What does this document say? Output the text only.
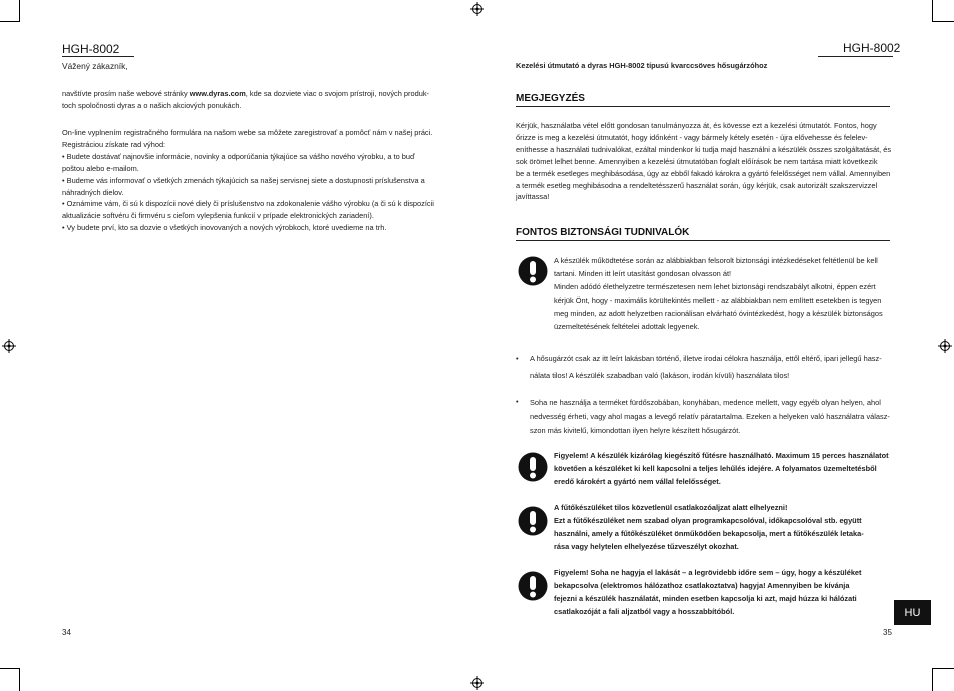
HGH-8002
Vážený zákazník,
navštívte prosím naše webové stránky www.dyras.com, kde sa dozviete viac o svojom prístroji, nových produk-
toch spoločnosti dyras a o našich akciových ponukách.
On-line vyplnením registračného formulára na našom webe sa môžete zaregistrovať a pomôcť nám v našej práci.
Registráciou získate rad výhod:
• Budete dostávať najnovšie informácie, novinky a odporúčania týkajúce sa vášho nového výrobku, a to buď
poštou alebo e-mailom.
• Budeme vás informovať o všetkých zmenách týkajúcich sa našej servisnej siete a dostupnosti príslušenstva a
náhradných dielov.
• Oznámime vám, či sú k dispozícii nové diely či príslušenstvo na zdokonalenie vášho výrobku (a či sú k dispozícii
aktualizácie softvéru či firmvéru s cieľom vylepšenia funkcií v prípade elektronických zariadení).
• Vy budete prví, kto sa dozvie o všetkých inovovaných a nových výrobkoch, ktoré uvedieme na trh.
34
HGH-8002
Kezelési útmutató a dyras HGH-8002 típusú kvarccsöves hősugárzóhoz
MEGJEGYZÉS
Kérjük, használatba vétel előtt gondosan tanulmányozza át, és kövesse ezt a kezelési útmutatót. Fontos, hogy
őrizze is meg a kezelési útmutatót, hogy időnként - vagy bármely kétely esetén - újra elővehesse és felelev-
eníthesse a használati tudnivalókat, ezáltal mindenkor ki tudja majd használni a készülék összes szolgáltatását, és
sok örömet lelhet benne. Amennyiben a kezelési útmutatóban foglalt előírások be nem tartása miatt következik
be a termék esetleges meghibásodása, úgy az ebből fakadó károkra a gyártó felelősséget nem vállal. Amennyiben
a termék esetleg meghibásodna a rendeltetésszerű használat során, úgy kérjük, csak autorizált szakszervizzel
javíttassa!
FONTOS BIZTONSÁGI TUDNIVALÓK
A készülék működtetése során az alábbiakban felsorolt biztonsági intézkedéseket feltétlenül be kell
tartani. Minden itt leírt utasítást gondosan olvasson át!
Minden adódó élethelyzetre természetesen nem lehet biztonsági rendszabályt alkotni, éppen ezért
kérjük Önt, hogy - maximális körültekintés mellett - az alábbiakban nem említett esetekben is tegyen
meg minden, az adott helyzetben racionálisan elvárható óvintézkedést, hogy a készülék biztonságos
üzemeltetésének feltételei adottak legyenek.
• A hősugárzót csak az itt leírt lakásban történő, illetve irodai célokra használja, ettől eltérő, ipari jellegű hasz-
nálata tilos! A készülék szabadban való (lakáson, irodán kívüli) használata tilos!
• Soha ne használja a terméket fürdőszobában, konyhában, medence mellett, vagy egyéb olyan helyen, ahol
nedvesség érheti, vagy ahol magas a levegő relatív páratartalma. Ezeken a helyeken való használatra válasz-
szon más kivitelű, kimondottan ilyen helyre készített hősugárzót.
Figyelem! A készülék kizárólag kiegészítő fűtésre használható. Maximum 15 perces használatot
követően a készüléket ki kell kapcsolni a teljes lehűlés idejére. A folyamatos üzemeltetésből
eredő károkért a gyártó nem vállal felelősséget.
A fűtőkészüléket tilos közvetlenül csatlakozóaljzat alatt elhelyezni!
Ezt a fűtőkészüléket nem szabad olyan programkapcsolóval, időkapcsolóval stb. együtt
használni, amely a fűtőkészüléket önműködően bekapcsolja, mert a fűtőkészülék letaka-
rása vagy helytelen elhelyezése tűzveszélyt okozhat.
Figyelem! Soha ne hagyja el lakását – a legrövidebb időre sem – úgy, hogy a készüléket
bekapcsolva (elektromos hálózathoz csatlakoztatva) hagyja! Amennyiben be kívánja
fejezni a készülék használatát, minden esetben kapcsolja ki azt, majd húzza ki hálózati
csatlakozóját a fali aljzatból vagy a hosszabbítóból.
35
HU
